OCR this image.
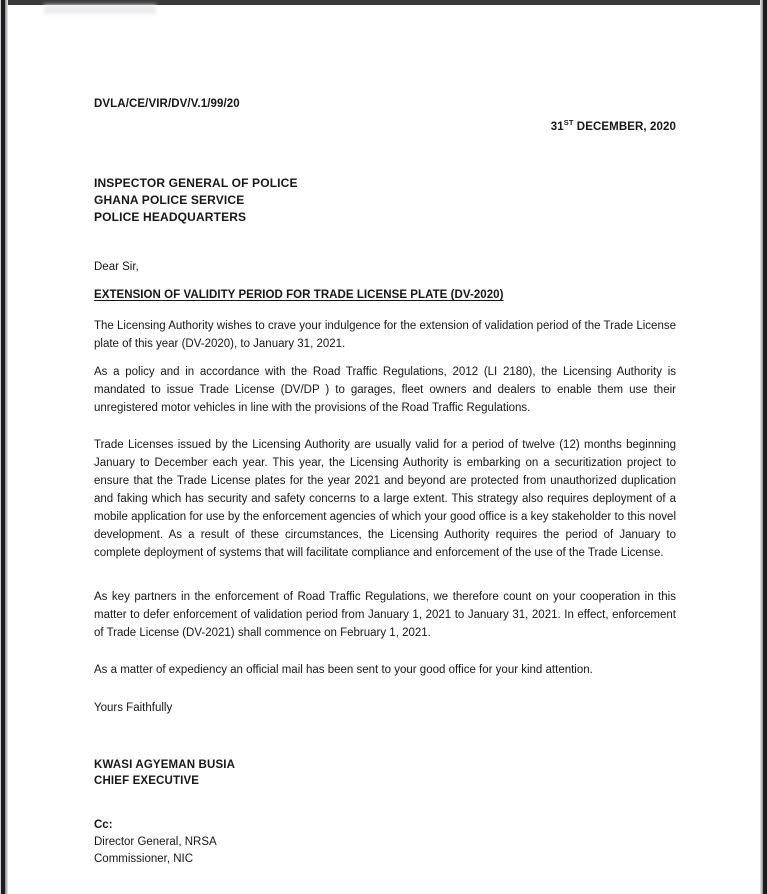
DVLA/CE/VIR/DV/V.1/99/20
31ST DECEMBER, 2020
INSPECTOR GENERAL OF POLICE
GHANA POLICE SERVICE
POLICE HEADQUARTERS
Dear Sir,
EXTENSION OF VALIDITY PERIOD FOR TRADE LICENSE PLATE (DV-2020)
The Licensing Authority wishes to crave your indulgence for the extension of validation period of the Trade License plate of this year (DV-2020), to January 31, 2021.
As a policy and in accordance with the Road Traffic Regulations, 2012 (LI 2180), the Licensing Authority is mandated to issue Trade License (DV/DP ) to garages, fleet owners and dealers to enable them use their unregistered motor vehicles in line with the provisions of the Road Traffic Regulations.
Trade Licenses issued by the Licensing Authority are usually valid for a period of twelve (12) months beginning January to December each year. This year, the Licensing Authority is embarking on a securitization project to ensure that the Trade License plates for the year 2021 and beyond are protected from unauthorized duplication and faking which has security and safety concerns to a large extent. This strategy also requires deployment of a mobile application for use by the enforcement agencies of which your good office is a key stakeholder to this novel development. As a result of these circumstances, the Licensing Authority requires the period of January to complete deployment of systems that will facilitate compliance and enforcement of the use of the Trade License.
As key partners in the enforcement of Road Traffic Regulations, we therefore count on your cooperation in this matter to defer enforcement of validation period from January 1, 2021 to January 31, 2021. In effect, enforcement of Trade License (DV-2021) shall commence on February 1, 2021.
As a matter of expediency an official mail has been sent to your good office for your kind attention.
Yours Faithfully
KWASI AGYEMAN BUSIA
CHIEF EXECUTIVE
Cc:
Director General, NRSA
Commissioner, NIC
